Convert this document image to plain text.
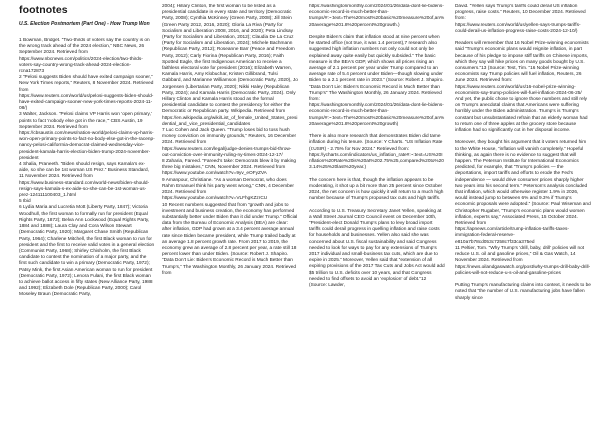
footnotes
U.S. Election Postmortem (Part One) - How Trump Won

1 Bowman, Bridget. “Two-thirds of voters say the country is on the wrong track ahead of the 2024 election,” NBC News, 26 September 2024. Retrieved from
https://www.nbcnews.com/politics/2024-election/two-thirds-voters-say-country-wrong-track-ahead-2024-election-rcna172873
2 “Pelosi suggests Biden should have exited campaign sooner,” New York Times reports,” Reuters, 8 November 2024. Retrieved from
https://www.reuters.com/world/us/pelosi-suggests-biden-should-have-exited-campaign-sooner-new-york-times-reports-2024-11-08/)
3 Walter, Jackson. “Pelosi claims VP Harris won ‘open primary,’ points to fact ‘nobody else got in the race,’” CBS Austin, 19 September 2024. Retrieved from
https://cbsaustin.com/news/nation-world/pelosi-claims-vp-harris-won-open-primary-points-to-fact-no-body-else-got-in-the-racenp-nancy-pelosi-califorrnia-democrat-claimed-wednesday-vice-president-kamala-harris-election-biden-trump-2024-november-president
4 Shalia, Praneeth. “Biden should resign, says Kamala’s ex-aide, so she can be 1st woman US Prez.” Business Standard, 11 November 2024. Retrieved from
https://www.business-standard.com/world-news/biden-should-resign-says-kamala-s-ex-aide-so-she-can-be-1st-woman-us-prez-124111100403_1.html
5 Ibid
6 Lydia Maria and Lucretia Mott (Liberty Party, 1847); Victoria Woodhull, the first woman to formally run for president (Equal Rights Party, 1872); Belva Ann Lockwood (Equal Rights Party, 1884 and 1888); Laura Clay and Cora Wilson Stewart (Democratic Party, 1920); Margaret Chase Smith (Republican Party, 1964); Charlene Mitchell, the first Black woman to run for president and the first to receive valid votes in a general election (Communist Party, 1968); Shirley Chisholm, the first Black candidate to contest the nomination of a major party, and the first such candidate to win a primary (Democratic Party, 1972); Patsy Mink, the first Asian American woman to run for president (Democratic Party, 1972); Lenora Fulani, the first Black woman to achieve ballot access in fifty states (New Alliance Party, 1988 and 1992); Elizabeth Dole (Republican Party, 2000); Carol Moseley Braun (Democratic Party,

2004); Hillary Clinton, the first woman to be listed as a presidential candidate in every state and territory (Democratic Party, 2008); Cynthia McKinney (Green Party, 2008); Jill Stein (Green Party 2012, 2016, 2020); Gloria La Riva (Party for Socialism and Liberation 2008, 2016, and 2020); Peta Lindsay (Party for Socialism and Liberation, 2012); Claudia De La Cruz (Party for Socialism and Liberation, 2024); Michele Bachmann (Republican Party, 2012); Roseanne Barr (Peace and Freedom Party, 2012); Carly Fiorina (Republican Party, 2016); Faith Spotted Eagle, the first Indigenous American to receive a faithless electoral vote for president (2016); Elizabeth Warren, Kamala Harris, Amy Klobuchar, Kristen Gillibrand, Tulsi Gabbard, and Marianne Williamson (Democratic Party, 2020), Jo Jorgensen (Libertarian Party, 2020); Nikki Haley (Republican Party, 2024); and Kamala Harris (Democratic Party, 2024). Only Hillary Clinton and Kamala Harris stood as the formal presidential candidate to contest the presidency for either the Democratic or Republican party. Wikipedia. Retrieved from
https://en.wikipedia.org/wiki/List_of_female_United_States_presidential_and_vice_presidential_candidates
7 Luc Cohen and Jack Queen. “Trump loses bid to toss hush money conviction on immunity grounds,” Reuters, 16 December 2024. Retrieved from
https://www.reuters.com/legal/judge-denies-trumps-bid-throw-out-conviction-over-immunity-ruling-ny-times-2024-12-17/
8 Zaharia, Fareed. “Fareed’s take: Democrats blew it by making three big mistakes,” CNN, November 2024. Retrieved from
https://www.youtube.com/watch?v=9yv_eOFyZVA
9 Amanpour, Christiane. “As a woman Democrat, who does Rahm Emanuel think his party went wrong,” CNN, 4 December 2024. Retrieved from
https://www.youtube.com/watch?v=VLFhgKZzrCU
10 Recent numbers suggested that from “growth and jobs to investment and business creation, the economy has performed substantially better under Biden than it did under Trump.” Official data from the Bureau of Economic Analysis (BEA) are clear: after inflation, GDP had grown at a 3.4 percent average annual rate since Biden became president, while Trump trailed badly at an average 1.8 percent growth rate. From 2017 to 2019, the economy grew an average of 2.8 percent per year, a rate still 18 percent lower than under Biden. (Source: Robert J. Shapiro. “Data Don’t Lie: Biden’s Economic Record is Much Better than Trump’s,” The Washington Monthly, 26 January 2024. Retrieved from

https://washingtonmonthly.com/2024/01/26/data-dont-lie-bidens-economic-record-is-much-better-than-trumps/#:~:text=The%20most%20basic%20measure%20of,an%20average%201.8%20percent%20growth.)

Despite Biden’s claim that inflation stood at nine percent when he started office (not true, it was 1.4 percent),7 research also suggested high inflation numbers not only could not only be explained away quite easily but quickly subsided.” The basic measure is the BEA’s GDP, which shows all prices rising an average of 2.1 percent per year under Trump compared to an average rate of 5.4 percent under Biden—though slowing under Biden to a 2.1 percent rate in 2023.” (Source: Robert J. Shapiro. “Data Don’t Lie: Biden’s Economic Record is Much Better than Trump’s” The Washington Monthly, 26 January 2024. Retrieved from:
https://washingtonmonthly.com/2024/01/26/data-dont-lie-bidens-economic-record-is-much-better-than-trumps/#:~:text=The%20most%20basic%20measure%20of,an%20average%201.8%20percent%20growth)

There is also more research that demonstrates Biden did tame inflation during his tenure. (Source: Y Charts. “US Inflation Rate (I:USIR) - 2.75% for Nov 2024.” Retrieved from:
https://ycharts.com/indicators/us_inflation_rate#:~:text=US%20Inflation%20Rate%20is%20at%202.75%25,compared%20to%203.14%25%20last%20year.)

The concern here is that, though the inflation appears to be moderating, it shot up a bit more than 25 percent since October 2024, the net concern is how quickly it will return to a much high number because of Trump’s proposed tax cuts and high tariffs.

According to U.S. Treasury Secretary Janet Yellen, speaking at a Wall Street Journal CEO Council event on December 10th, “President-elect Donald Trump’s plans to levy broad import tariffs could derail progress in quelling inflation and raise costs for households and businesses. Yellen also said she was concerned about U.S. fiscal sustainability and said Congress needed to look for ways to pay for any extensions of Trump’s 2017 individual and small-business tax cuts, which are due to expire in 2025.” Moreover, Yellen said that “extension of all expiring provisions of the 2017 Tax Cuts and Jobs Act would add $5 trillion to U.S. deficits over 10 years, and that Congress needed to find offsets to avoid an ‘explosion’ of debt.”12 (Source: Lawder,

David. “Yellen says Trump’s tariffs could derail US inflation progress, raise costs.” Reuters, 10 December 2024. Retrieved from:
https://www.reuters.com/world/us/yellen-says-trumps-tariffs-could-derail-us-inflation-progress-raise-costs-2024-12-10/)

Readers will remember that 16 Nobel Prize-winning economists said “Trump’s economic plans would reignite inflation, in part because of his pledge to impose stiff tariffs on Chinese imports, which they say will hike prices on many goods bought by U.S. consumers.”13 (Source: Test, Tim. “16 Nobel Prize-winning economists say Trump policies will fuel inflation, Reuters, 26 June 2024. Retrieved from:
https://www.reuters.com/world/us/16-nobel-prize-winning-economists-say-trump-policies-will-fuel-inflation-2024-06-25/ And yet, the public chose to ignore those numbers and still rely on Trump’s anecdotal claims that Americans were suffering horribly under the Biden administration. Trump’s is Trump’s constant but unsubstantiated refrain that an elderly woman had to return one of three apples at the grocery store because inflation had so significantly cut in her disposal income.

Moreover, they bought his argument that it voters returned him to the White House, “inflation will vanish completely.” Hopeful thinking, as again there is no evidence to suggest that will happen. The Peterson Institute for International Economics predicted, for example, that “Trump’s policies — the deportations, import tariffs and efforts to erode the Fed’s independence — would drive consumer prices sharply higher two years into his second term.” Peterson’s analysis concluded that inflation, which would otherwise register 1.9% in 2026, would instead jump to between 6% and 9.3% if Trump’s economic proposals were adopted.” (Source: Paul Wiseman and Christopher Rugaber, “Trump’s economic plans would worsen inflation, experts say,” Associated Press, 15 October 2024. Retrieved from
https://apnews.com/article/trump-inflation-tariffs-taxes-immigration-federal-reserve-e810a7b78cd053c7258c7f33ca375ed
11 Peltier, Tom. “Why Trump’s ‘drill, baby, drill’ policies will not reduce U.S. oil and gasoline prices,” Oil & Gas Watch, 14 November 2024. Retrieved from
https://news.oilandgaswatch.org/post/why-trumps-drill-baby-drill-policies-will-not-reduce-u-s-oil-and-gasoline-prices

Putting Trump’s manufacturing claims into context, it needs to be noted that “the number of U.S. manufacturing jobs have fallen sharply since
